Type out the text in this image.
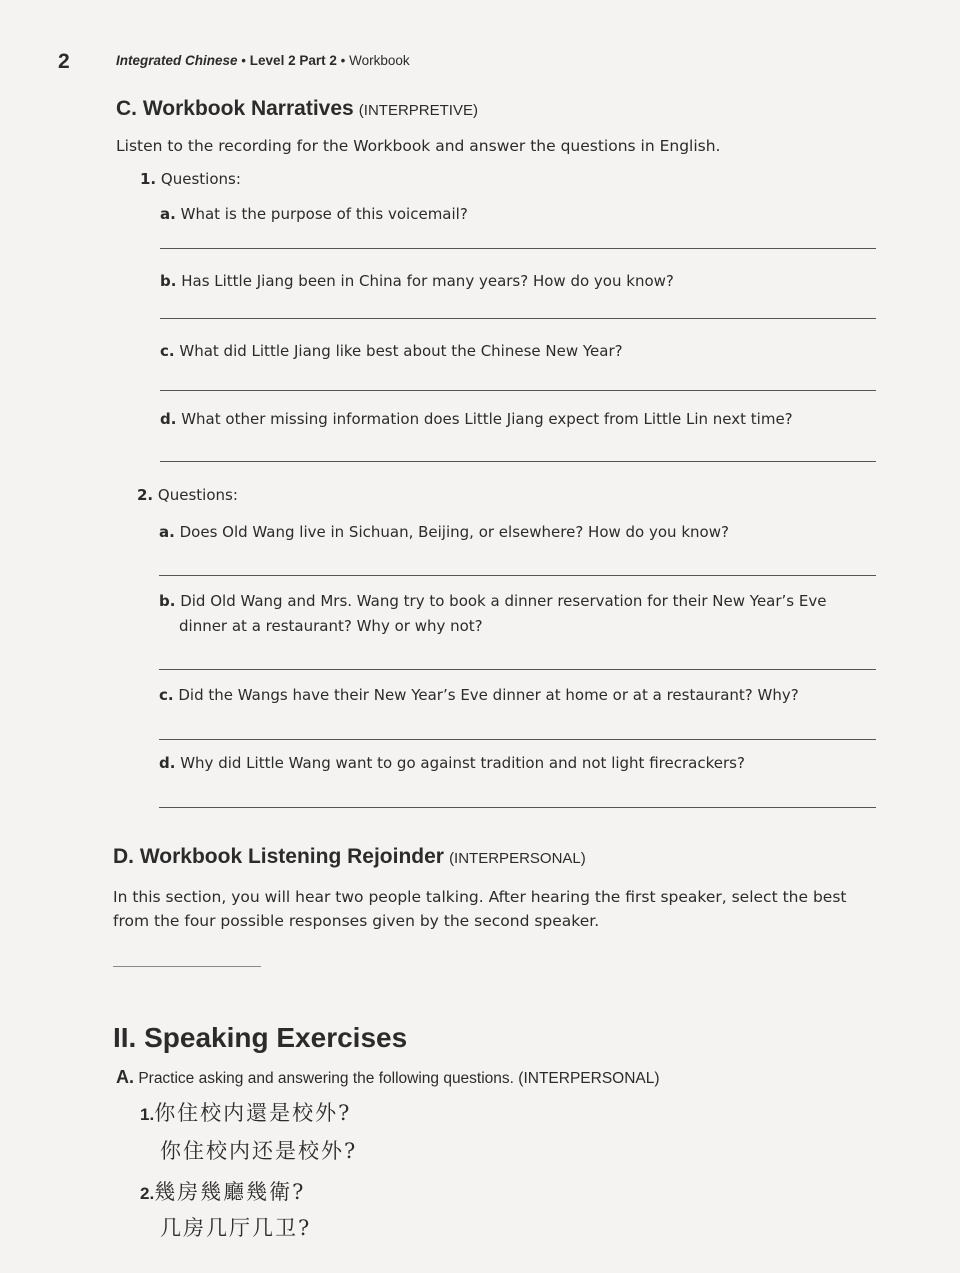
2	Integrated Chinese • Level 2 Part 2 • Workbook
C. Workbook Narratives (INTERPRETIVE)
Listen to the recording for the Workbook and answer the questions in English.
1. Questions:
a. What is the purpose of this voicemail?
b. Has Little Jiang been in China for many years? How do you know?
c. What did Little Jiang like best about the Chinese New Year?
d. What other missing information does Little Jiang expect from Little Lin next time?
2. Questions:
a. Does Old Wang live in Sichuan, Beijing, or elsewhere? How do you know?
b. Did Old Wang and Mrs. Wang try to book a dinner reservation for their New Year’s Eve dinner at a restaurant? Why or why not?
c. Did the Wangs have their New Year’s Eve dinner at home or at a restaurant? Why?
d. Why did Little Wang want to go against tradition and not light firecrackers?
D. Workbook Listening Rejoinder (INTERPERSONAL)
In this section, you will hear two people talking. After hearing the first speaker, select the best
from the four possible responses given by the second speaker.
II. Speaking Exercises
A. Practice asking and answering the following questions. (INTERPERSONAL)
1.你住校内還是校外?
你住校内还是校外?
2.幾房幾廳幾衛?
几房几厅几卫?
